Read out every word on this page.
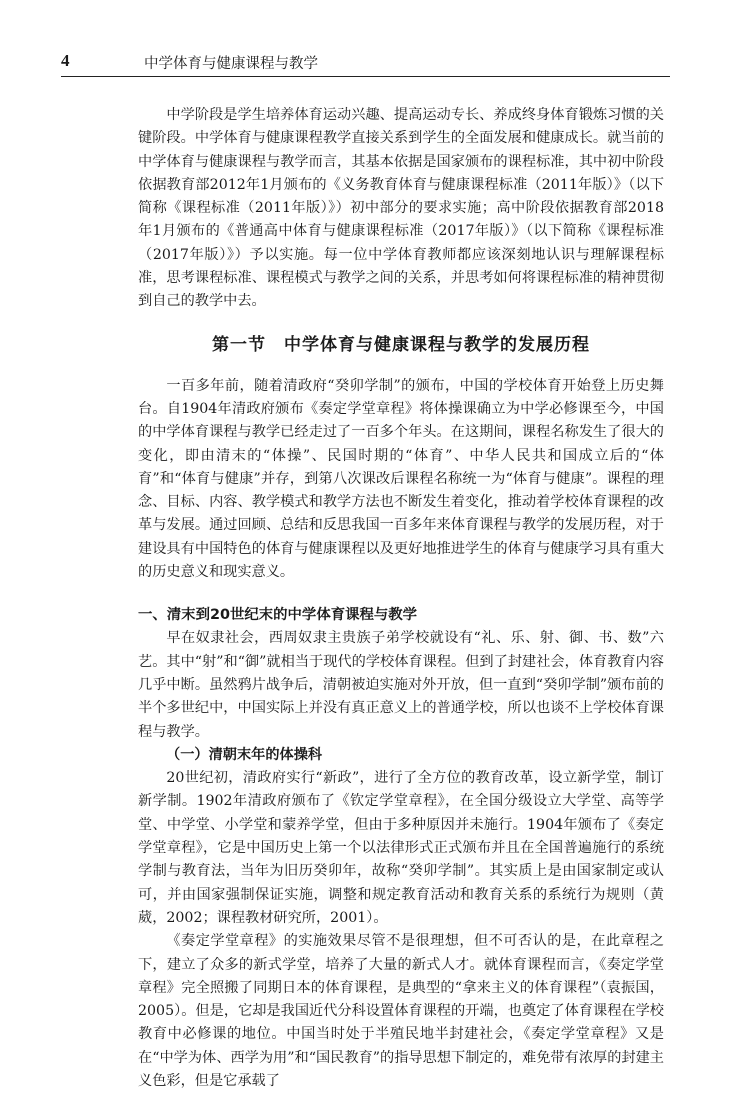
4	中学体育与健康课程与教学

中学阶段是学生培养体育运动兴趣、提高运动专长、养成终身体育锻炼习惯的关键阶段。中学体育与健康课程教学直接关系到学生的全面发展和健康成长。就当前的中学体育与健康课程与教学而言，其基本依据是国家颁布的课程标准，其中初中阶段依据教育部2012年1月颁布的《义务教育体育与健康课程标准（2011年版）》（以下简称《课程标准（2011年版）》）初中部分的要求实施；高中阶段依据教育部2018年1月颁布的《普通高中体育与健康课程标准（2017年版）》（以下简称《课程标准（2017年版）》）予以实施。每一位中学体育教师都应该深刻地认识与理解课程标准，思考课程标准、课程模式与教学之间的关系，并思考如何将课程标准的精神贯彻到自己的教学中去。

第一节　中学体育与健康课程与教学的发展历程

一百多年前，随着清政府“癸卯学制”的颁布，中国的学校体育开始登上历史舞台。自1904年清政府颁布《奏定学堂章程》将体操课确立为中学必修课至今，中国的中学体育课程与教学已经走过了一百多个年头。在这期间，课程名称发生了很大的变化，即由清末的“体操”、民国时期的“体育”、中华人民共和国成立后的“体育”和“体育与健康”并存，到第八次课改后课程名称统一为“体育与健康”。课程的理念、目标、内容、教学模式和教学方法也不断发生着变化，推动着学校体育课程的改革与发展。通过回顾、总结和反思我国一百多年来体育课程与教学的发展历程，对于建设具有中国特色的体育与健康课程以及更好地推进学生的体育与健康学习具有重大的历史意义和现实意义。

一、清末到20世纪末的中学体育课程与教学

早在奴隶社会，西周奴隶主贵族子弟学校就设有“礼、乐、射、御、书、数”六艺。其中“射”和“御”就相当于现代的学校体育课程。但到了封建社会，体育教育内容几乎中断。虽然鸦片战争后，清朝被迫实施对外开放，但一直到“癸卯学制”颁布前的半个多世纪中，中国实际上并没有真正意义上的普通学校，所以也谈不上学校体育课程与教学。

（一）清朝末年的体操科

20世纪初，清政府实行“新政”，进行了全方位的教育改革，设立新学堂，制订新学制。1902年清政府颁布了《钦定学堂章程》，在全国分级设立大学堂、高等学堂、中学堂、小学堂和蒙养学堂，但由于多种原因并未施行。1904年颁布了《奏定学堂章程》，它是中国历史上第一个以法律形式正式颁布并且在全国普遍施行的系统学制与教育法，当年为旧历癸卯年，故称“癸卯学制”。其实质上是由国家制定或认可，并由国家强制保证实施，调整和规定教育活动和教育关系的系统行为规则（黄葳，2002；课程教材研究所，2001）。

《奏定学堂章程》的实施效果尽管不是很理想，但不可否认的是，在此章程之下，建立了众多的新式学堂，培养了大量的新式人才。就体育课程而言，《奏定学堂章程》完全照搬了同期日本的体育课程，是典型的“拿来主义的体育课程”（袁振国，2005）。但是，它却是我国近代分科设置体育课程的开端，也奠定了体育课程在学校教育中必修课的地位。中国当时处于半殖民地半封建社会，《奏定学堂章程》又是在“中学为体、西学为用”和“国民教育”的指导思想下制定的，难免带有浓厚的封建主义色彩，但是它承载了
